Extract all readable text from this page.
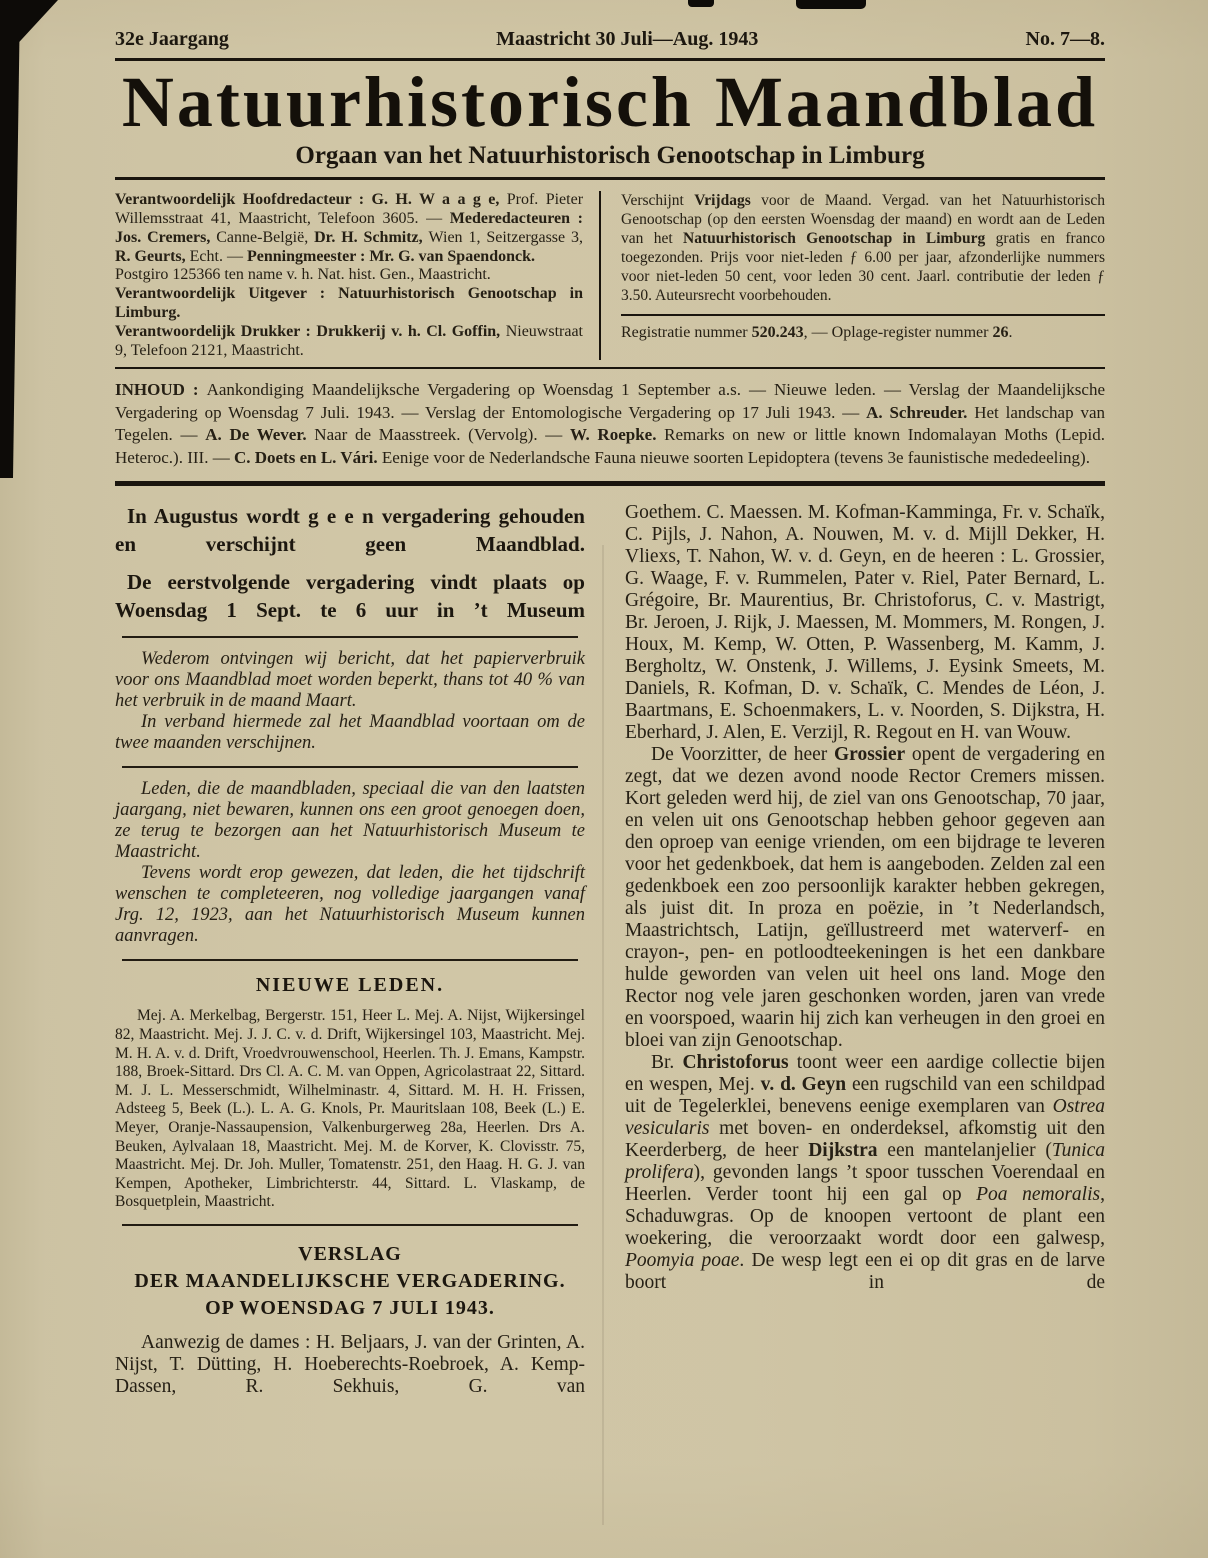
32e Jaargang	Maastricht 30 Juli—Aug. 1943	No. 7—8.
Natuurhistorisch Maandblad
Orgaan van het Natuurhistorisch Genootschap in Limburg

Verantwoordelijk Hoofdredacteur : G. H. W a a g e, Prof. Pieter Willemsstraat 41, Maastricht, Telefoon 3605. — Mederedacteuren : Jos. Cremers, Canne-België, Dr. H. Schmitz, Wien 1, Seitzergasse 3, R. Geurts, Echt. — Penningmeester : Mr. G. van Spaendonck.

Postgiro 125366 ten name v. h. Nat. hist. Gen., Maastricht.

Verantwoordelijk Uitgever : Natuurhistorisch Genootschap in Limburg.

Verantwoordelijk Drukker : Drukkerij v. h. Cl. Goffin, Nieuwstraat 9, Telefoon 2121, Maastricht.

Verschijnt Vrijdags voor de Maand. Vergad. van het Natuurhistorisch Genootschap (op den eersten Woensdag der maand) en wordt aan de Leden van het Natuurhistorisch Genootschap in Limburg gratis en franco toegezonden. Prijs voor niet-leden ƒ 6.00 per jaar, afzonderlijke nummers voor niet-leden 50 cent, voor leden 30 cent. Jaarl. contributie der leden ƒ 3.50. Auteursrecht voorbehouden.

Registratie nummer 520.243, — Oplage-register nummer 26.

INHOUD : Aankondiging Maandelijksche Vergadering op Woensdag 1 September a.s. — Nieuwe leden. — Verslag der Maandelijksche Vergadering op Woensdag 7 Juli. 1943. — Verslag der Entomologische Vergadering op 17 Juli 1943. — A. Schreuder. Het landschap van Tegelen. — A. De Wever. Naar de Maasstreek. (Vervolg). — W. Roepke. Remarks on new or little known Indomalayan Moths (Lepid. Heteroc.). III. — C. Doets en L. Vári. Eenige voor de Nederlandsche Fauna nieuwe soorten Lepidoptera (tevens 3e faunistische mededeeling).

In Augustus wordt g e e n vergadering gehouden en verschijnt geen Maandblad.

De eerstvolgende vergadering vindt plaats op Woensdag 1 Sept. te 6 uur in ’t Museum

Wederom ontvingen wij bericht, dat het papierverbruik voor ons Maandblad moet worden beperkt, thans tot 40 % van het verbruik in de maand Maart.

In verband hiermede zal het Maandblad voortaan om de twee maanden verschijnen.

Leden, die de maandbladen, speciaal die van den laatsten jaargang, niet bewaren, kunnen ons een groot genoegen doen, ze terug te bezorgen aan het Natuurhistorisch Museum te Maastricht.

Tevens wordt erop gewezen, dat leden, die het tijdschrift wenschen te completeeren, nog volledige jaargangen vanaf Jrg. 12, 1923, aan het Natuurhistorisch Museum kunnen aanvragen.

NIEUWE LEDEN.

Mej. A. Merkelbag, Bergerstr. 151, Heer L. Mej. A. Nijst, Wijkersingel 82, Maastricht. Mej. J. J. C. v. d. Drift, Wijkersingel 103, Maastricht. Mej. M. H. A. v. d. Drift, Vroedvrouwenschool, Heerlen. Th. J. Emans, Kampstr. 188, Broek-Sittard. Drs Cl. A. C. M. van Oppen, Agricolastraat 22, Sittard. M. J. L. Messerschmidt, Wilhelminastr. 4, Sittard. M. H. H. Frissen, Adsteeg 5, Beek (L.). L. A. G. Knols, Pr. Mauritslaan 108, Beek (L.) E. Meyer, Oranje-Nassaupension, Valkenburgerweg 28a, Heerlen. Drs A. Beuken, Aylvalaan 18, Maastricht. Mej. M. de Korver, K. Clovisstr. 75, Maastricht. Mej. Dr. Joh. Muller, Tomatenstr. 251, den Haag. H. G. J. van Kempen, Apotheker, Limbrichterstr. 44, Sittard. L. Vlaskamp, de Bosquetplein, Maastricht.

VERSLAG
DER MAANDELIJKSCHE VERGADERING.
OP WOENSDAG 7 JULI 1943.

Aanwezig de dames : H. Beljaars, J. van der Grinten, A. Nijst, T. Dütting, H. Hoeberechts-Roebroek, A. Kemp-Dassen, R. Sekhuis, G. van

Goethem. C. Maessen. M. Kofman-Kamminga, Fr. v. Schaïk, C. Pijls, J. Nahon, A. Nouwen, M. v. d. Mijll Dekker, H. Vliexs, T. Nahon, W. v. d. Geyn, en de heeren : L. Grossier, G. Waage, F. v. Rummelen, Pater v. Riel, Pater Bernard, L. Grégoire, Br. Maurentius, Br. Christoforus, C. v. Mastrigt, Br. Jeroen, J. Rijk, J. Maessen, M. Mommers, M. Rongen, J. Houx, M. Kemp, W. Otten, P. Wassenberg, M. Kamm, J. Bergholtz, W. Onstenk, J. Willems, J. Eysink Smeets, M. Daniels, R. Kofman, D. v. Schaïk, C. Mendes de Léon, J. Baartmans, E. Schoenmakers, L. v. Noorden, S. Dijkstra, H. Eberhard, J. Alen, E. Verzijl, R. Regout en H. van Wouw.

De Voorzitter, de heer Grossier opent de vergadering en zegt, dat we dezen avond noode Rector Cremers missen. Kort geleden werd hij, de ziel van ons Genootschap, 70 jaar, en velen uit ons Genootschap hebben gehoor gegeven aan den oproep van eenige vrienden, om een bijdrage te leveren voor het gedenkboek, dat hem is aangeboden. Zelden zal een gedenkboek een zoo persoonlijk karakter hebben gekregen, als juist dit. In proza en poëzie, in ’t Nederlandsch, Maastrichtsch, Latijn, geïllustreerd met waterverf- en crayon-, pen- en potloodteekeningen is het een dankbare hulde geworden van velen uit heel ons land. Moge den Rector nog vele jaren geschonken worden, jaren van vrede en voorspoed, waarin hij zich kan verheugen in den groei en bloei van zijn Genootschap.

Br. Christoforus toont weer een aardige collectie bijen en wespen, Mej. v. d. Geyn een rugschild van een schildpad uit de Tegelerklei, benevens eenige exemplaren van Ostrea vesicularis met boven- en onderdeksel, afkomstig uit den Keerderberg, de heer Dijkstra een mantelanjelier (Tunica prolifera), gevonden langs ’t spoor tusschen Voerendaal en Heerlen. Verder toont hij een gal op Poa nemoralis, Schaduwgras. Op de knoopen vertoont de plant een woekering, die veroorzaakt wordt door een galwesp, Poomyia poae. De wesp legt een ei op dit gras en de larve boort in de
